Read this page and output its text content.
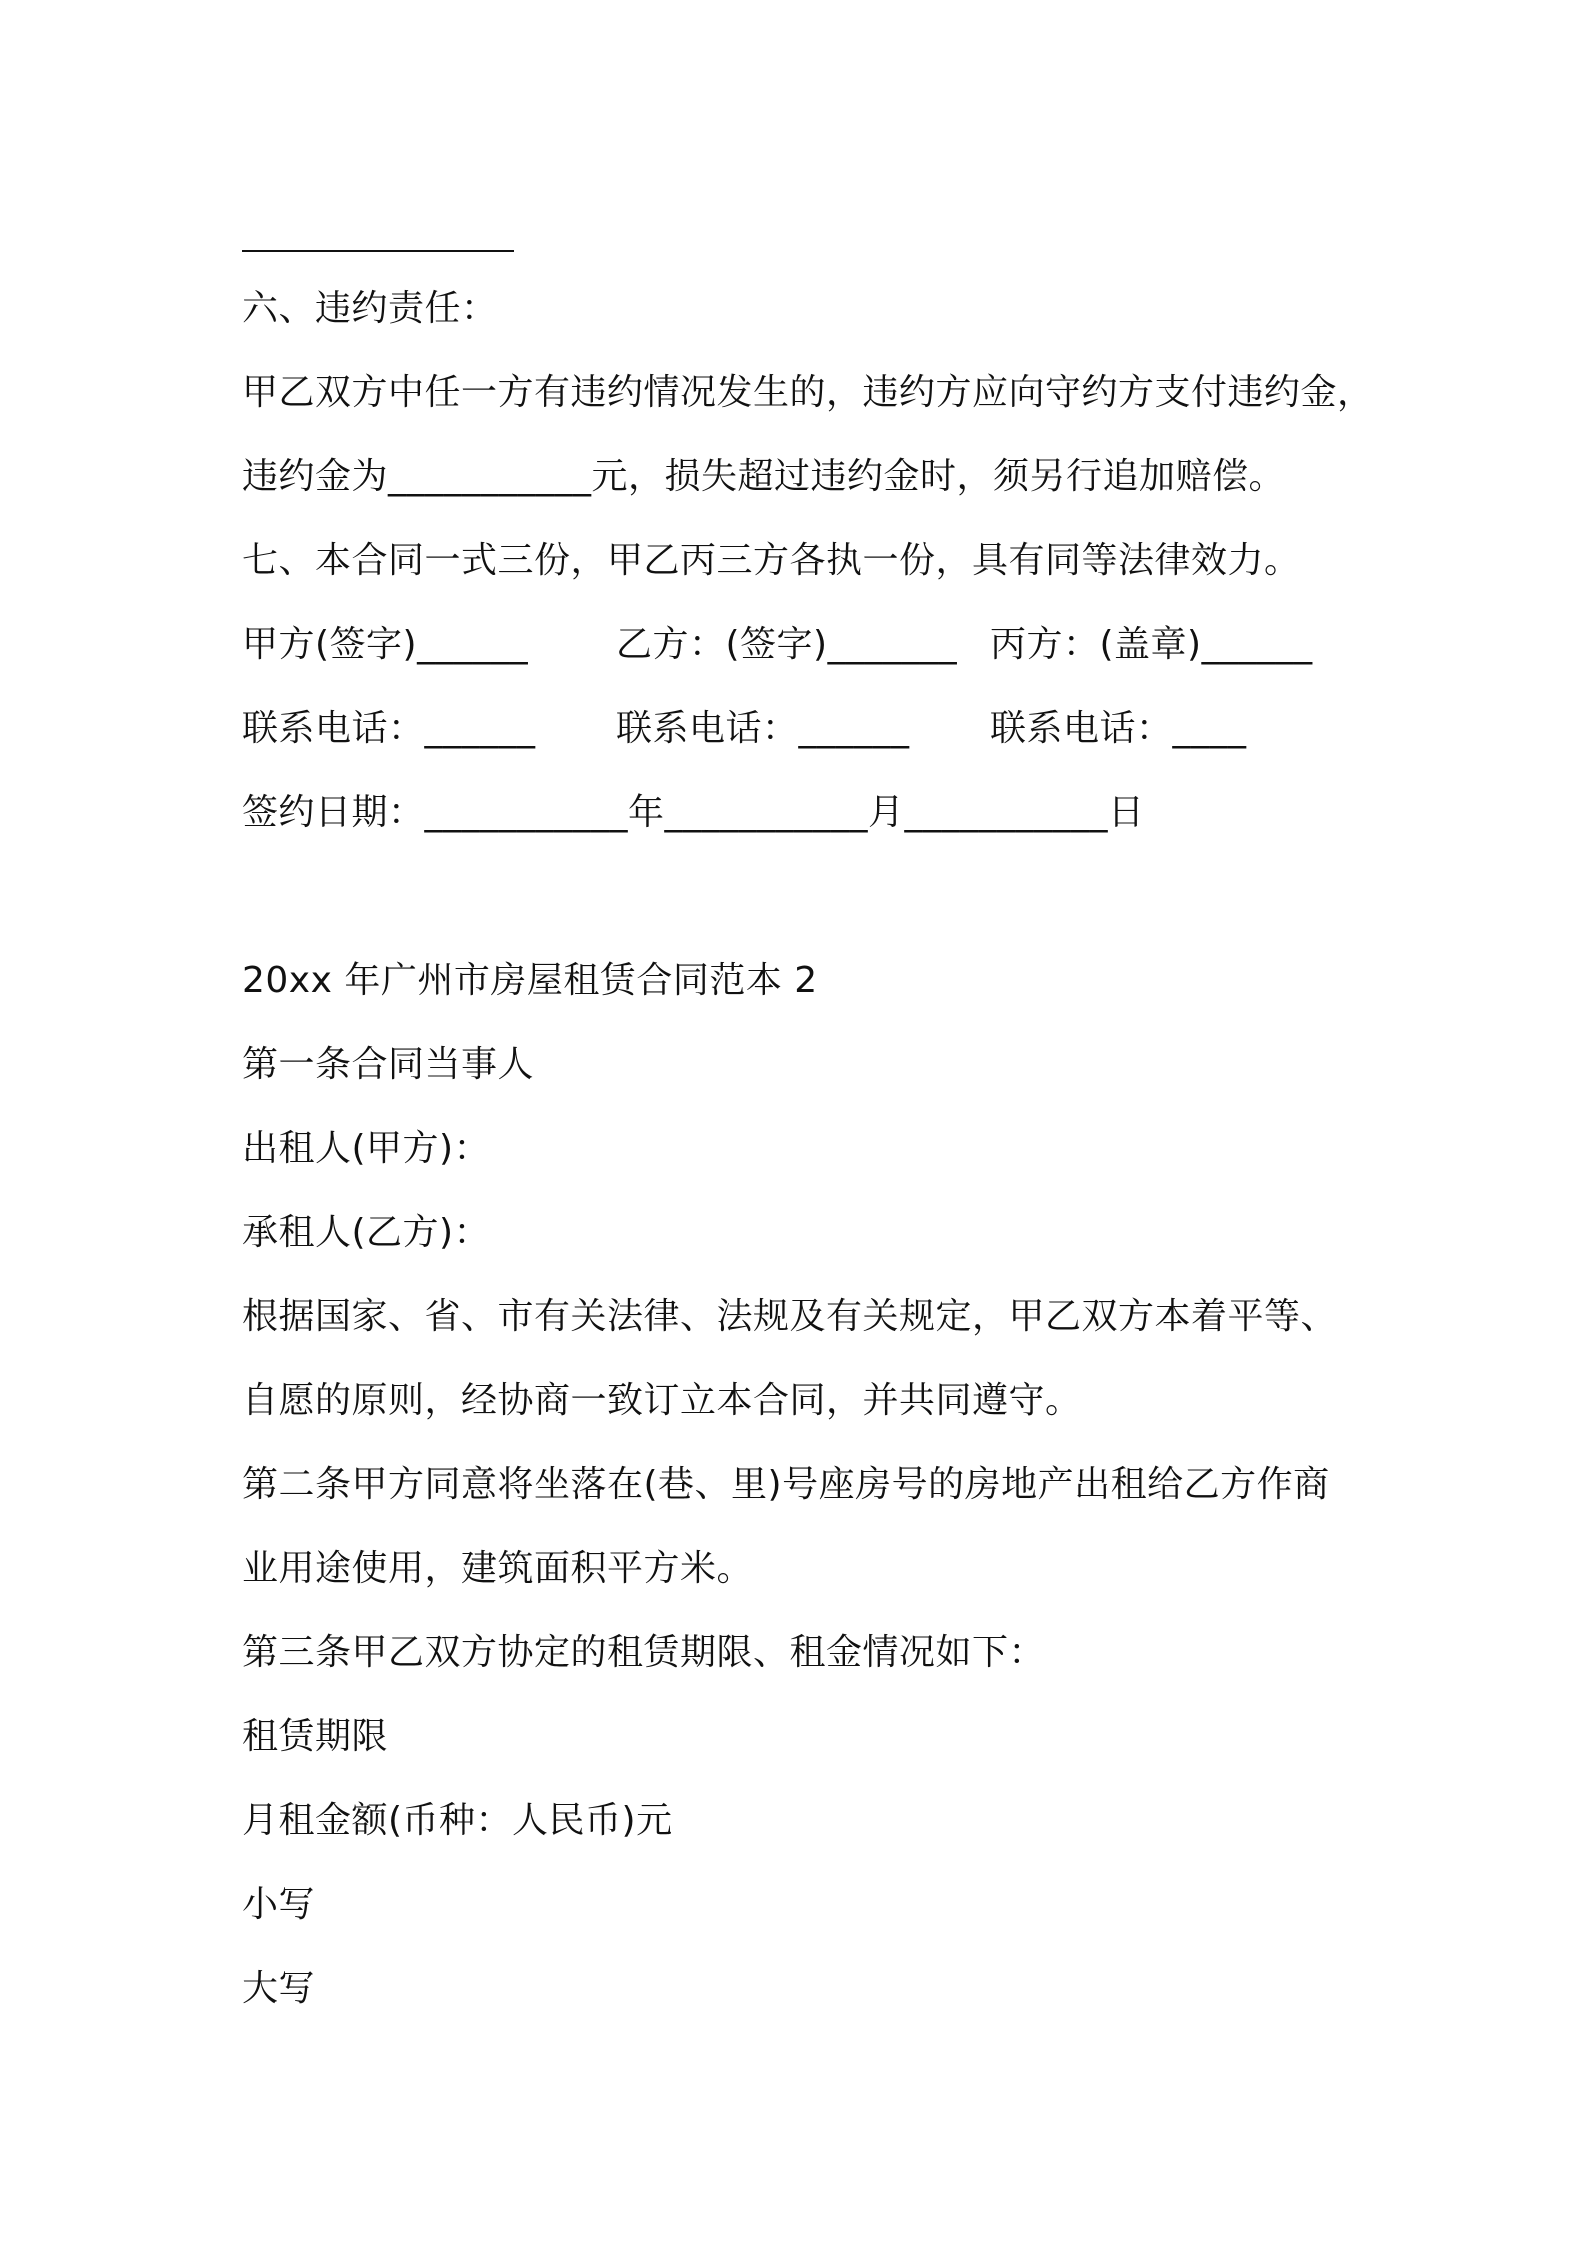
六、违约责任：
甲乙双方中任一方有违约情况发生的，违约方应向守约方支付违约金，
违约金为___________元，损失超过违约金时，须另行追加赔偿。
七、本合同一式三份，甲乙丙三方各执一份，具有同等法律效力。
甲方(签字)______ 乙方：(签字)_______ 丙方：(盖章)______
联系电话：______ 联系电话：______ 联系电话：____
签约日期：___________年___________月___________日
20xx 年广州市房屋租赁合同范本 2
第一条合同当事人
出租人(甲方)：
承租人(乙方)：
根据国家、省、市有关法律、法规及有关规定，甲乙双方本着平等、
自愿的原则，经协商一致订立本合同，并共同遵守。
第二条甲方同意将坐落在(巷、里)号座房号的房地产出租给乙方作商
业用途使用，建筑面积平方米。
第三条甲乙双方协定的租赁期限、租金情况如下：
租赁期限
月租金额(币种：人民币)元
小写
大写
